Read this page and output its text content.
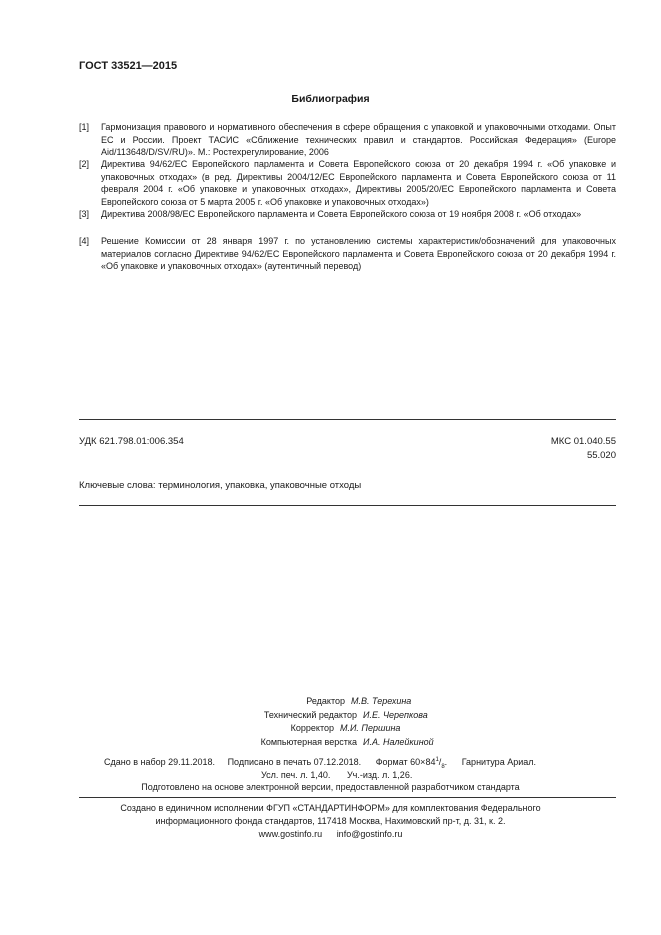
ГОСТ 33521—2015
Библиография
[1]	Гармонизация правового и нормативного обеспечения в сфере обращения с упаковкой и упаковочными отходами. Опыт ЕС и России. Проект ТАСИС «Сближение технических правил и стандартов. Российская Федерация» (Europe Aid/113648/D/SV/RU)». М.: Ростехрегулирование, 2006
[2]	Директива 94/62/ЕС Европейского парламента и Совета Европейского союза от 20 декабря 1994 г. «Об упаковке и упаковочных отходах» (в ред. Директивы 2004/12/ЕС Европейского парламента и Совета Европейского союза от 11 февраля 2004 г. «Об упаковке и упаковочных отходах», Директивы 2005/20/ЕС Европейского парламента и Совета Европейского союза от 5 марта 2005 г. «Об упаковке и упаковочных отходах»)
[3]	Директива 2008/98/ЕС Европейского парламента и Совета Европейского союза от 19 ноября 2008 г. «Об отходах»
[4]	Решение Комиссии от 28 января 1997 г. по установлению системы характеристик/обозначений для упаковочных материалов согласно Директиве 94/62/ЕС Европейского парламента и Совета Европейского союза от 20 декабря 1994 г. «Об упаковке и упаковочных отходах» (аутентичный перевод)
УДК 621.798.01:006.354	МКС 01.040.55
55.020
Ключевые слова: терминология, упаковка, упаковочные отходы
Редактор М.В. Терехина
Технический редактор И.Е. Черепкова
Корректор М.И. Першина
Компьютерная верстка И.А. Налейкиной
Сдано в набор 29.11.2018. Подписано в печать 07.12.2018. Формат $60\times 84^1/_8$. Гарнитура Ариал.
Усл. печ. л. 1,40. Уч.-изд. л. 1,26.
Подготовлено на основе электронной версии, предоставленной разработчиком стандарта
Создано в единичном исполнении ФГУП «СТАНДАРТИНФОРМ» для комплектования Федерального
информационного фонда стандартов, 117418 Москва, Нахимовский пр-т, д. 31, к. 2.
www.gostinfo.ru info@gostinfo.ru
